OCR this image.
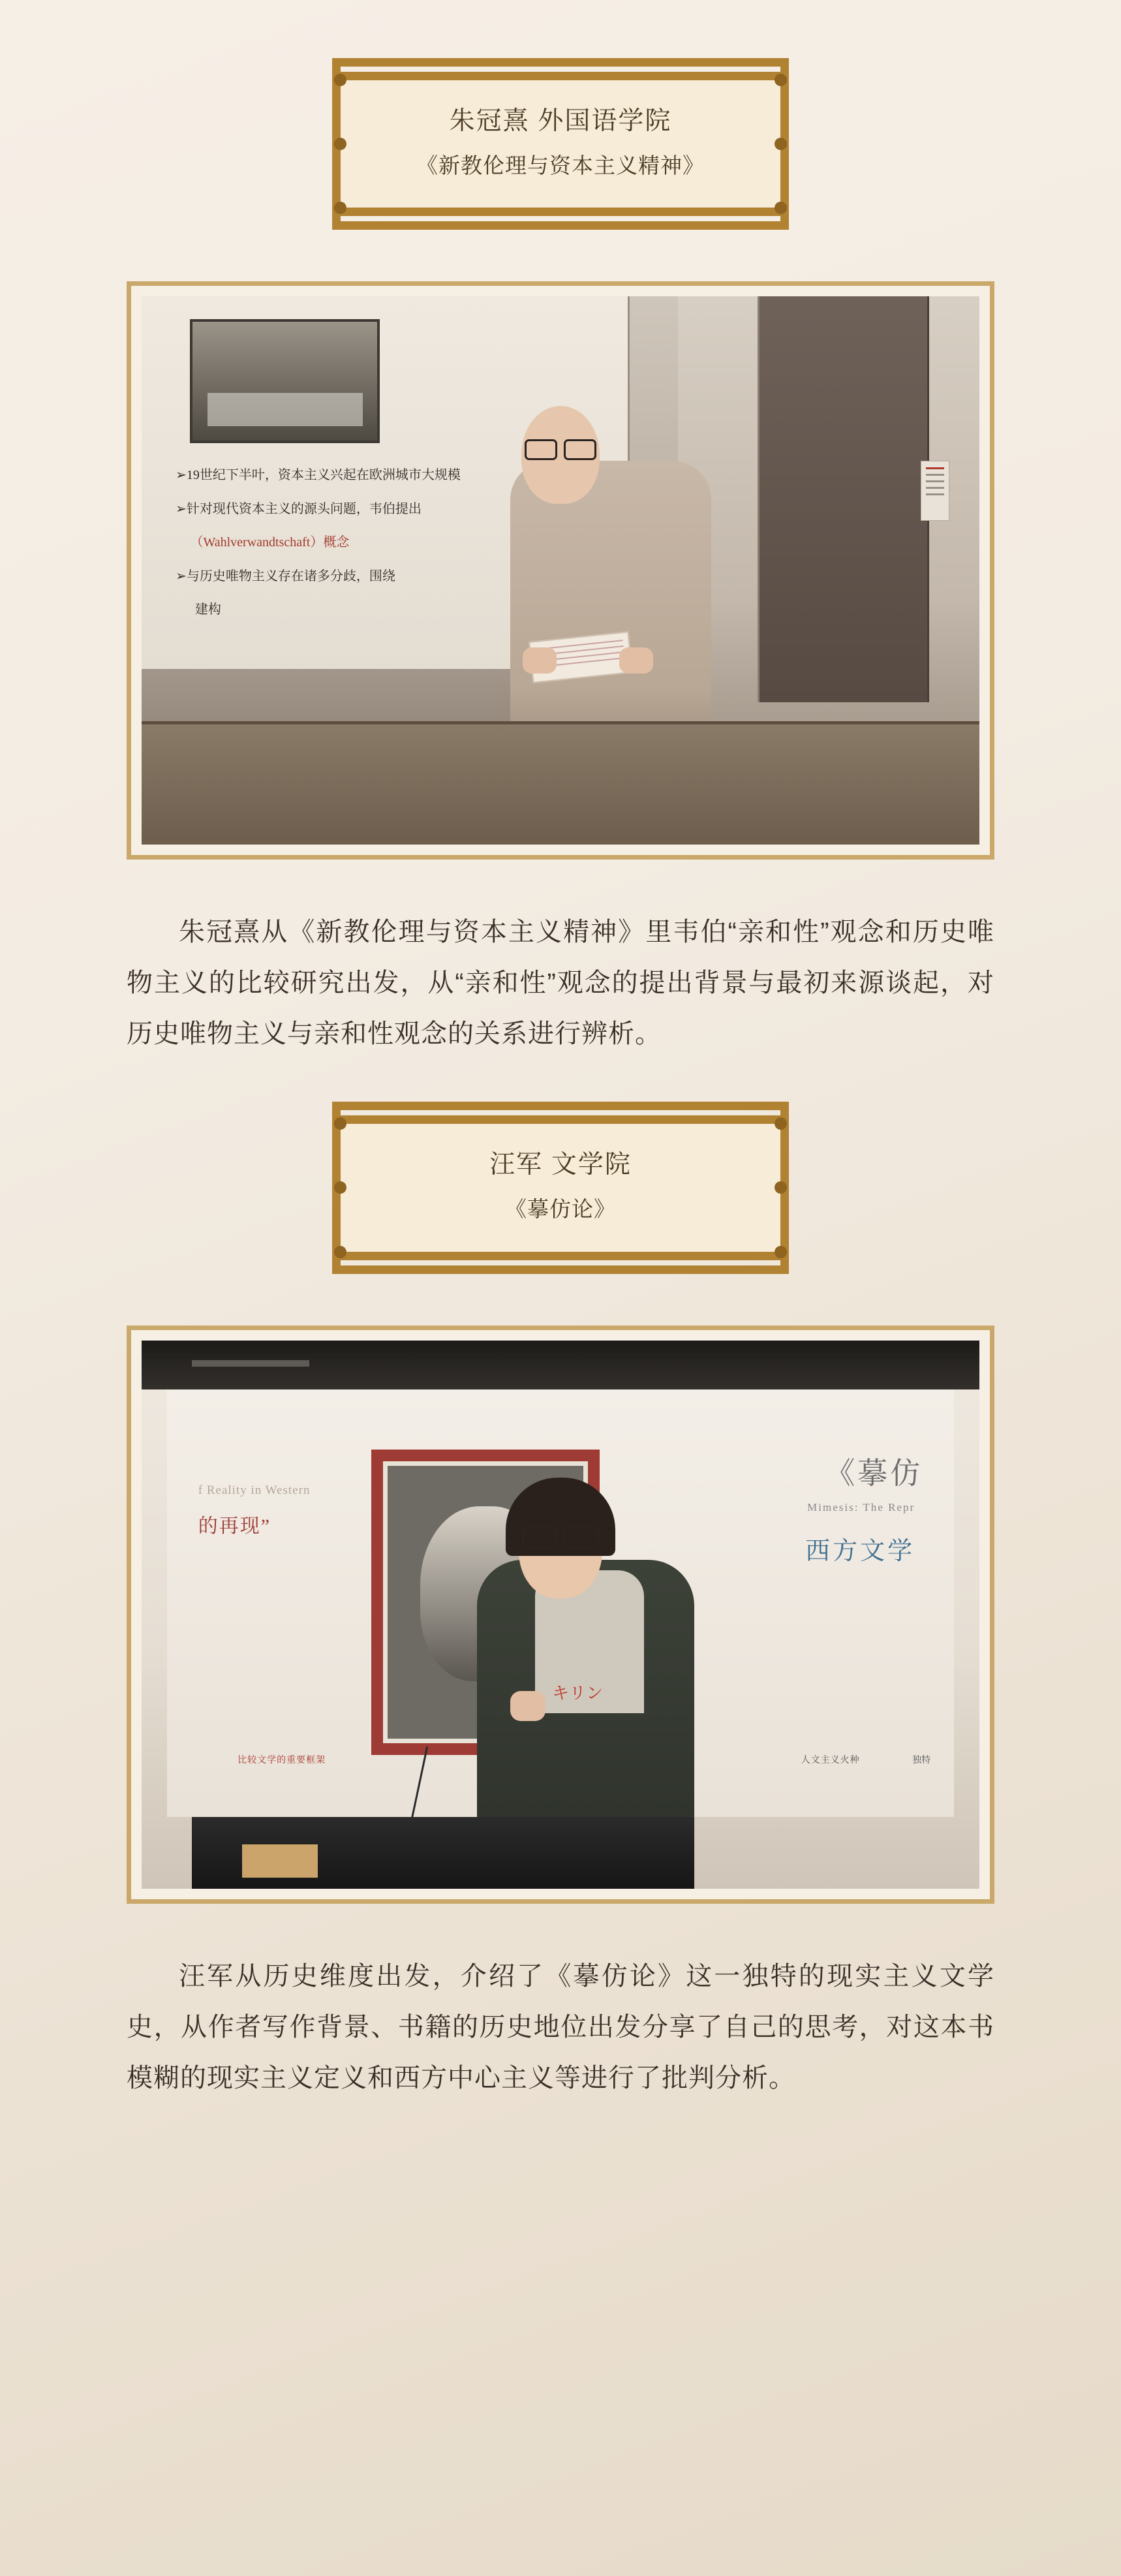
朱冠熹 外国语学院
《新教伦理与资本主义精神》
➢19世纪下半叶，资本主义兴起在欧洲城市大规模
➢针对现代资本主义的源头问题，韦伯提出
（Wahlverwandtschaft）概念
➢与历史唯物主义存在诸多分歧，围绕
建构

朱冠熹从《新教伦理与资本主义精神》里韦伯“亲和性”观念和历史唯物主义的比较研究出发，从“亲和性”观念的提出背景与最初来源谈起，对历史唯物主义与亲和性观念的关系进行辨析。

汪军 文学院
《摹仿论》
f Reality in Western
的再现”
《摹仿
Mimesis: The Repr
西方文学
比较文学的重要框架	人文主义火种	独特
キリン

汪军从历史维度出发，介绍了《摹仿论》这一独特的现实主义文学史，从作者写作背景、书籍的历史地位出发分享了自己的思考，对这本书模糊的现实主义定义和西方中心主义等进行了批判分析。
